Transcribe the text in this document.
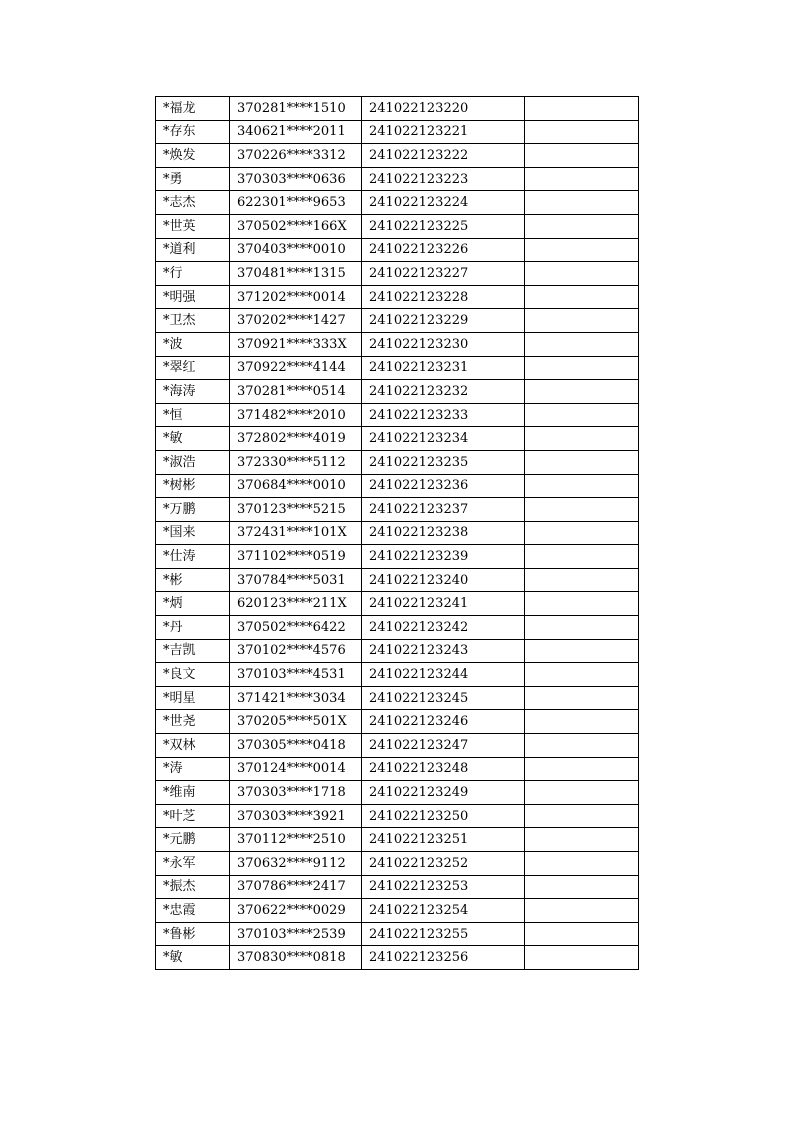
*福龙	370281****1510	241022123220	
*存东	340621****2011	241022123221	
*焕发	370226****3312	241022123222	
*勇	370303****0636	241022123223	
*志杰	622301****9653	241022123224	
*世英	370502****166X	241022123225	
*道利	370403****0010	241022123226	
*行	370481****1315	241022123227	
*明强	371202****0014	241022123228	
*卫杰	370202****1427	241022123229	
*波	370921****333X	241022123230	
*翠红	370922****4144	241022123231	
*海涛	370281****0514	241022123232	
*恒	371482****2010	241022123233	
*敏	372802****4019	241022123234	
*淑浩	372330****5112	241022123235	
*树彬	370684****0010	241022123236	
*万鹏	370123****5215	241022123237	
*国来	372431****101X	241022123238	
*仕涛	371102****0519	241022123239	
*彬	370784****5031	241022123240	
*炳	620123****211X	241022123241	
*丹	370502****6422	241022123242	
*吉凯	370102****4576	241022123243	
*良文	370103****4531	241022123244	
*明星	371421****3034	241022123245	
*世尧	370205****501X	241022123246	
*双林	370305****0418	241022123247	
*涛	370124****0014	241022123248	
*维南	370303****1718	241022123249	
*叶芝	370303****3921	241022123250	
*元鹏	370112****2510	241022123251	
*永军	370632****9112	241022123252	
*振杰	370786****2417	241022123253	
*忠霞	370622****0029	241022123254	
*鲁彬	370103****2539	241022123255	
*敏	370830****0818	241022123256	
